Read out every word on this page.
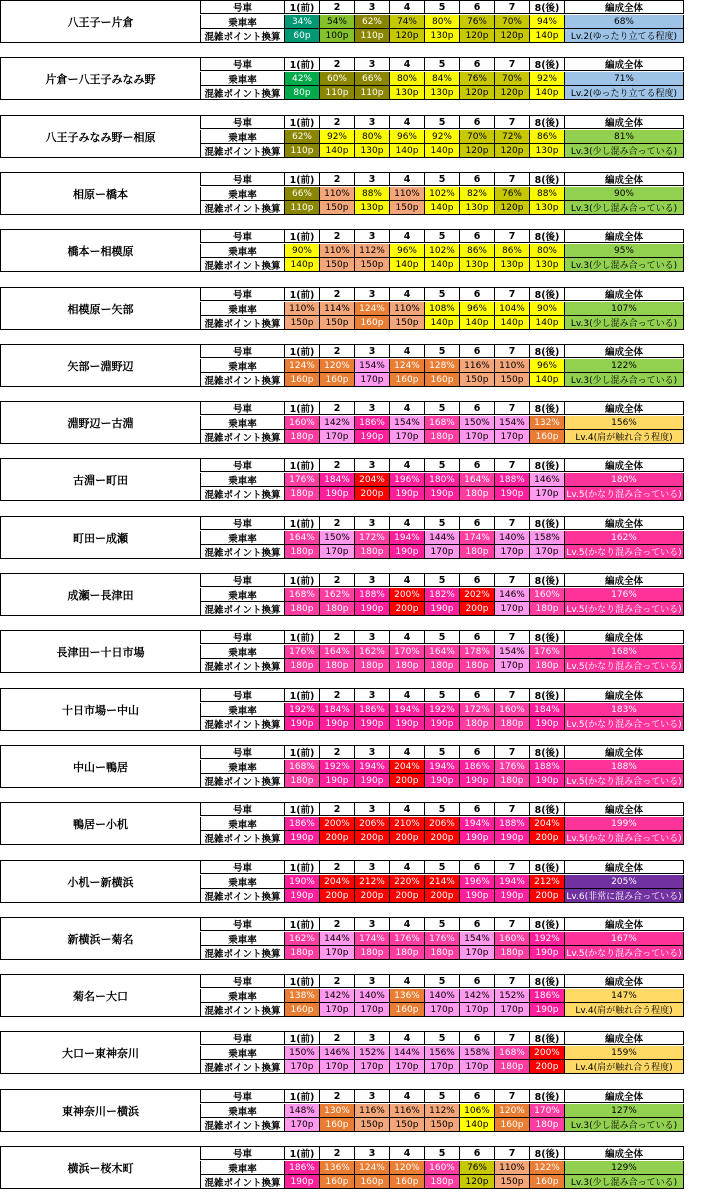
八王子ー片倉
号車	1(前)	2	3	4	5	6	7	8(後)	編成全体
乗車率	34%	54%	62%	74%	80%	76%	70%	94%	68%
混雑ポイント換算	60p	100p	110p	120p	130p	120p	120p	140p	Lv.2(ゆったり立てる程度)
片倉ー八王子みなみ野
号車	1(前)	2	3	4	5	6	7	8(後)	編成全体
乗車率	42%	60%	66%	80%	84%	76%	70%	92%	71%
混雑ポイント換算	80p	110p	110p	130p	130p	120p	120p	140p	Lv.2(ゆったり立てる程度)
八王子みなみ野ー相原
号車	1(前)	2	3	4	5	6	7	8(後)	編成全体
乗車率	62%	92%	80%	96%	92%	70%	72%	86%	81%
混雑ポイント換算	110p	140p	130p	140p	140p	120p	120p	130p	Lv.3(少し混み合っている)
相原ー橋本
号車	1(前)	2	3	4	5	6	7	8(後)	編成全体
乗車率	66%	110%	88%	110%	102%	82%	76%	88%	90%
混雑ポイント換算	110p	150p	130p	150p	140p	130p	120p	130p	Lv.3(少し混み合っている)
橋本ー相模原
号車	1(前)	2	3	4	5	6	7	8(後)	編成全体
乗車率	90%	110%	112%	96%	102%	86%	86%	80%	95%
混雑ポイント換算	140p	150p	150p	140p	140p	130p	130p	130p	Lv.3(少し混み合っている)
相模原ー矢部
号車	1(前)	2	3	4	5	6	7	8(後)	編成全体
乗車率	110%	114%	124%	110%	108%	96%	104%	90%	107%
混雑ポイント換算	150p	150p	160p	150p	140p	140p	140p	140p	Lv.3(少し混み合っている)
矢部ー淵野辺
号車	1(前)	2	3	4	5	6	7	8(後)	編成全体
乗車率	124%	120%	154%	124%	128%	116%	110%	96%	122%
混雑ポイント換算	160p	160p	170p	160p	160p	150p	150p	140p	Lv.3(少し混み合っている)
淵野辺ー古淵
号車	1(前)	2	3	4	5	6	7	8(後)	編成全体
乗車率	160%	142%	186%	154%	168%	150%	154%	132%	156%
混雑ポイント換算	180p	170p	190p	170p	180p	170p	170p	160p	Lv.4(肩が触れ合う程度)
古淵ー町田
号車	1(前)	2	3	4	5	6	7	8(後)	編成全体
乗車率	176%	184%	204%	196%	180%	164%	188%	146%	180%
混雑ポイント換算	180p	190p	200p	190p	190p	180p	190p	170p Lv.5(かなり混み合っている)
町田ー成瀬
号車	1(前)	2	3	4	5	6	7	8(後)	編成全体
乗車率	164%	150%	172%	194%	144%	174%	140%	158%	162%
混雑ポイント換算	180p	170p	180p	190p	170p	180p	170p	170p Lv.5(かなり混み合っている)
成瀬ー長津田
号車	1(前)	2	3	4	5	6	7	8(後)	編成全体
乗車率	168%	162%	188%	200%	182%	202%	146%	160%	176%
混雑ポイント換算	180p	180p	190p	200p	190p	200p	170p	180p Lv.5(かなり混み合っている)
長津田ー十日市場
号車	1(前)	2	3	4	5	6	7	8(後)	編成全体
乗車率	176%	164%	162%	170%	164%	178%	154%	176%	168%
混雑ポイント換算	180p	180p	180p	180p	180p	180p	170p	180p Lv.5(かなり混み合っている)
十日市場ー中山
号車	1(前)	2	3	4	5	6	7	8(後)	編成全体
乗車率	192%	184%	186%	194%	192%	172%	160%	184%	183%
混雑ポイント換算	190p	190p	190p	190p	190p	180p	180p	190p Lv.5(かなり混み合っている)
中山ー鴨居
号車	1(前)	2	3	4	5	6	7	8(後)	編成全体
乗車率	168%	192%	194%	204%	194%	186%	176%	188%	188%
混雑ポイント換算	180p	190p	190p	200p	190p	190p	180p	190p Lv.5(かなり混み合っている)
鴨居ー小机
号車	1(前)	2	3	4	5	6	7	8(後)	編成全体
乗車率	186%	200%	206%	210%	206%	194%	188%	204%	199%
混雑ポイント換算	190p	200p	200p	200p	200p	190p	190p	200p Lv.5(かなり混み合っている)
小机ー新横浜
号車	1(前)	2	3	4	5	6	7	8(後)	編成全体
乗車率	190%	204%	212%	220%	214%	196%	194%	212%	205%
混雑ポイント換算	190p	200p	200p	200p	200p	190p	190p	200p Lv.6(非常に混み合っている)
新横浜ー菊名
号車	1(前)	2	3	4	5	6	7	8(後)	編成全体
乗車率	162%	144%	174%	176%	176%	154%	160%	192%	167%
混雑ポイント換算	180p	170p	180p	180p	180p	170p	180p	190p Lv.5(かなり混み合っている)
菊名ー大口
号車	1(前)	2	3	4	5	6	7	8(後)	編成全体
乗車率	138%	142%	140%	136%	140%	142%	152%	186%	147%
混雑ポイント換算	160p	170p	170p	160p	170p	170p	170p	190p	Lv.4(肩が触れ合う程度)
大口ー東神奈川
号車	1(前)	2	3	4	5	6	7	8(後)	編成全体
乗車率	150%	146%	152%	144%	156%	158%	168%	200%	159%
混雑ポイント換算	170p	170p	170p	170p	170p	170p	180p	200p	Lv.4(肩が触れ合う程度)
東神奈川ー横浜
号車	1(前)	2	3	4	5	6	7	8(後)	編成全体
乗車率	148%	130%	116%	116%	112%	106%	120%	170%	127%
混雑ポイント換算	170p	160p	150p	150p	150p	140p	160p	180p	Lv.3(少し混み合っている)
横浜ー桜木町
号車	1(前)	2	3	4	5	6	7	8(後)	編成全体
乗車率	186%	136%	124%	120%	160%	76%	110%	122%	129%
混雑ポイント換算	190p	160p	160p	160p	180p	120p	150p	160p	Lv.3(少し混み合っている)
